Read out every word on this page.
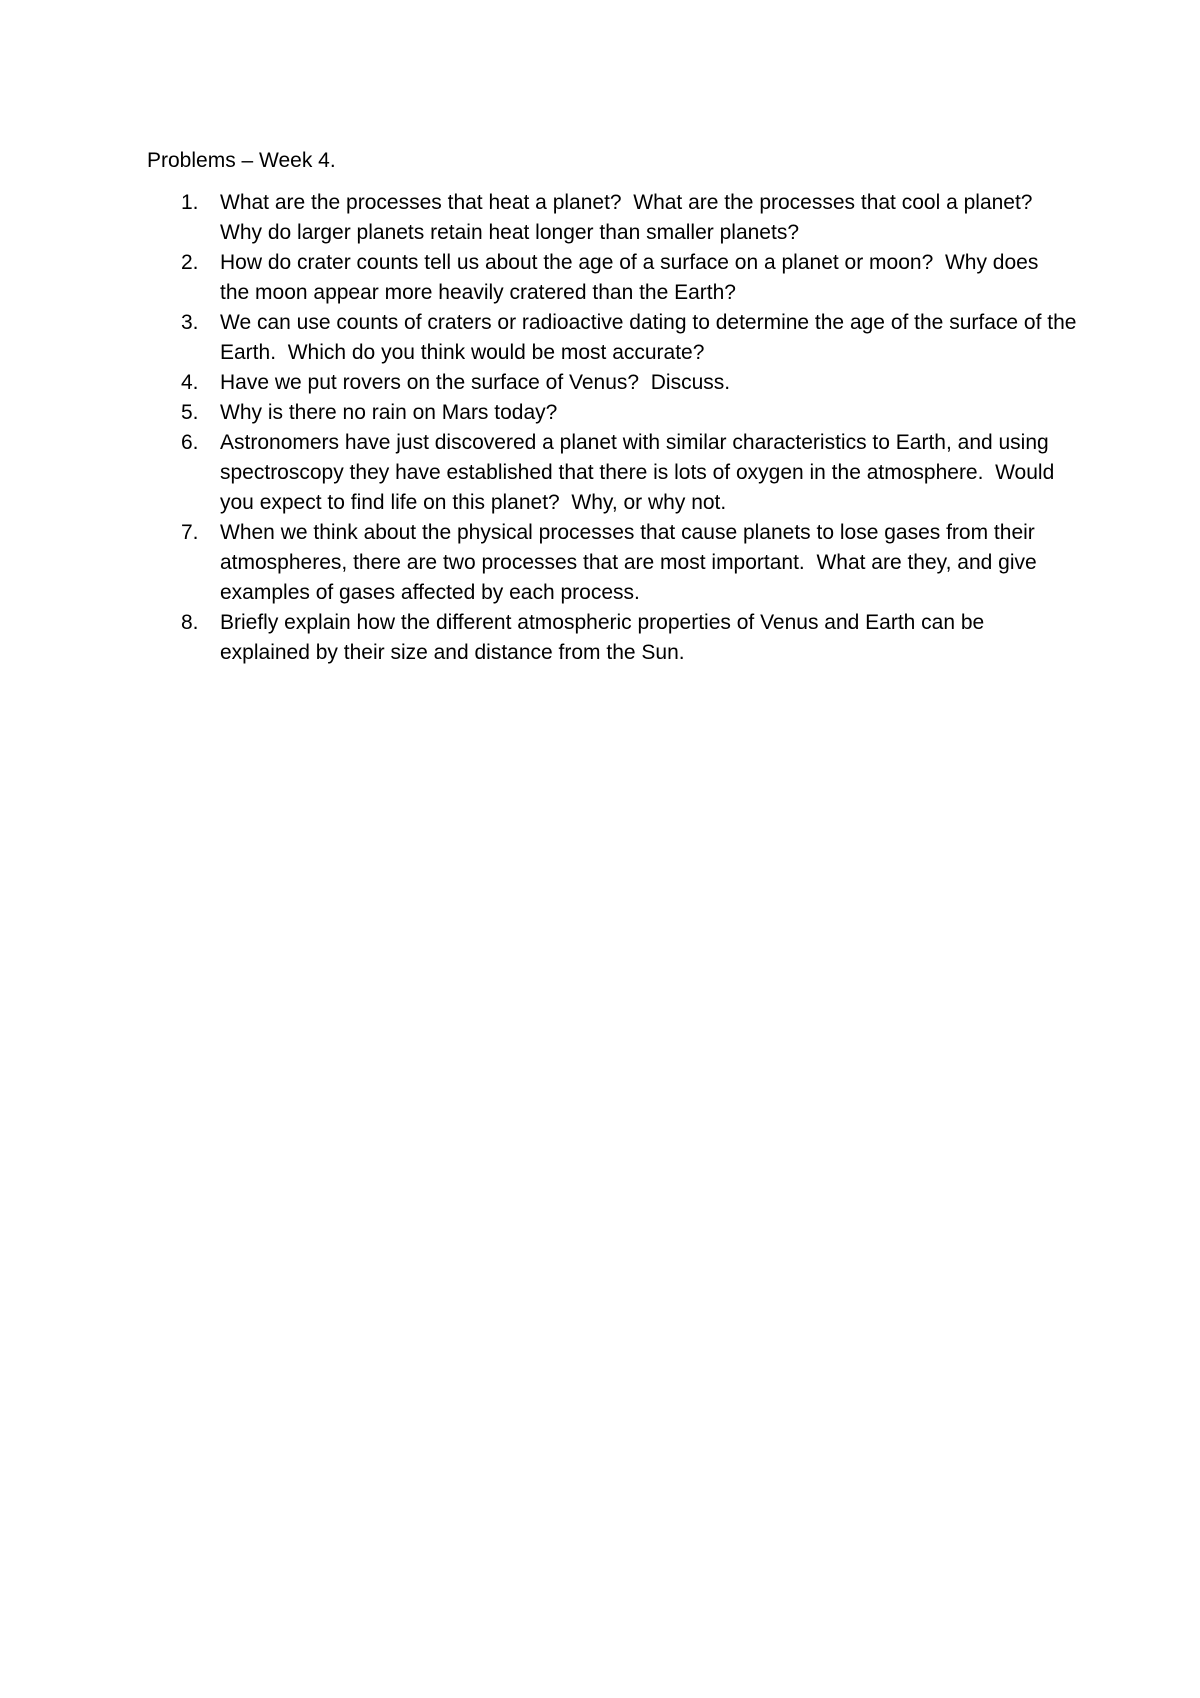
Problems – Week 4.
1. What are the processes that heat a planet?  What are the processes that cool a planet? Why do larger planets retain heat longer than smaller planets?
2. How do crater counts tell us about the age of a surface on a planet or moon?  Why does  the moon appear more heavily cratered than the Earth?
3. We can use counts of craters or radioactive dating to determine the age of the surface of the Earth.  Which do you think would be most accurate?
4. Have we put rovers on the surface of Venus?  Discuss.
5. Why is there no rain on Mars today?
6. Astronomers have just discovered a planet with similar characteristics to Earth, and using spectroscopy they have established that there is lots of oxygen in the atmosphere.  Would you expect to find life on this planet?  Why, or why not.
7. When we think about the physical processes that cause planets to lose gases from their atmospheres, there are two processes that are most important.  What are they, and give examples of gases affected by each process.
8. Briefly explain how the different atmospheric properties of Venus and Earth can be explained by their size and distance from the Sun.
